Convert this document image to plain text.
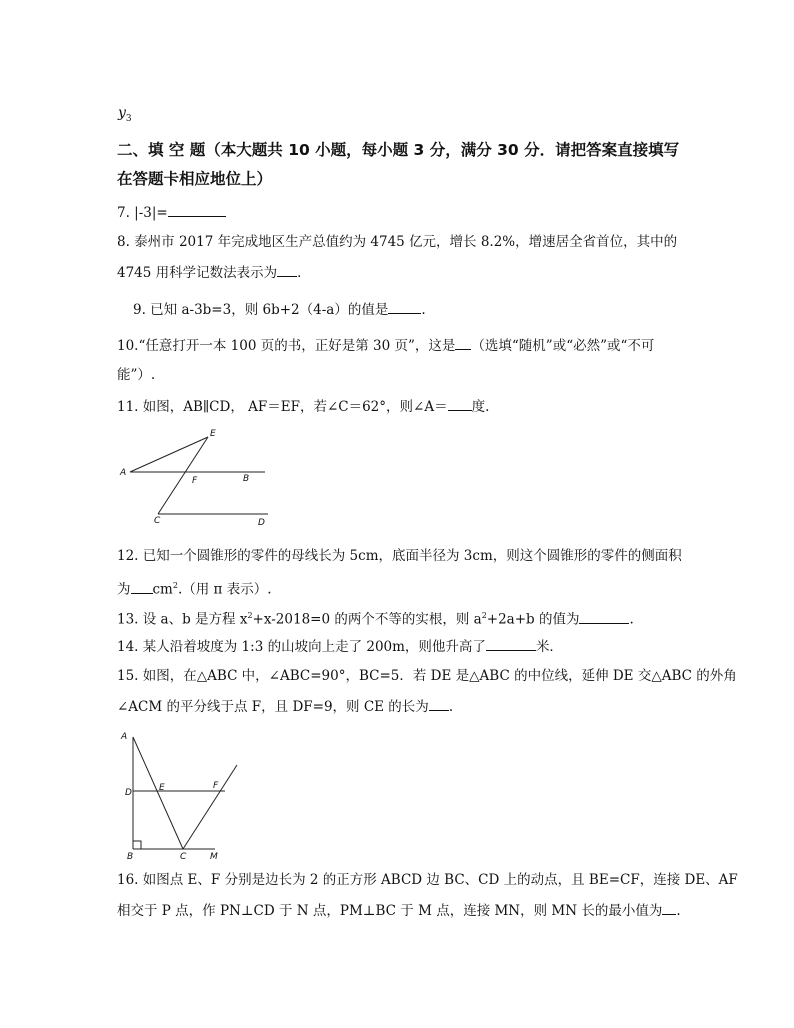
$y_3$
二、填 空 题（本大题共 10 小题，每小题 3 分，满分 30 分．请把答案直接填写
在答题卡相应地位上）
7. |-3|=
8. 泰州市 2017 年完成地区生产总值约为 4745 亿元，增长 8.2%，增速居全省首位，其中的
4745 用科学记数法表示为 ．
9. 已知 a-3b=3，则 6b+2（4-a）的值是 .
10.“任意打开一本 100 页的书，正好是第 30 页”，这是 （选填“随机”或“必然”或“不可
能”）.
11. 如图，AB∥CD， AF＝EF，若∠C＝62°，则∠A＝ 度.
A
B
C	D
E
F
12. 已知一个圆锥形的零件的母线长为 5cm，底面半径为 3cm，则这个圆锥形的零件的侧面积
为 $cm^2$.（用 π 表示）.
13. 设 a、b 是方程 $x^2+x-2018=0$ 的两个不等的实根，则 $a^2+2a+b$ 的值为	.
14. 某人沿着坡度为 1:3 的山坡向上走了 200m，则他升高了	米．
15. 如图，在△ABC 中，∠ABC=90°，BC=5．若 DE 是△ABC 的中位线，延伸 DE 交△ABC 的外角
∠ACM 的平分线于点 F，且 DF=9，则 CE 的长为 .
A
D	E	F
B	C	M
16. 如图点 E、F 分别是边长为 2 的正方形 ABCD 边 BC、CD 上的动点，且 BE=CF，连接 DE、AF
相交于 P 点，作 PN⊥CD 于 N 点，PM⊥BC 于 M 点，连接 MN，则 MN 长的最小值为 .
